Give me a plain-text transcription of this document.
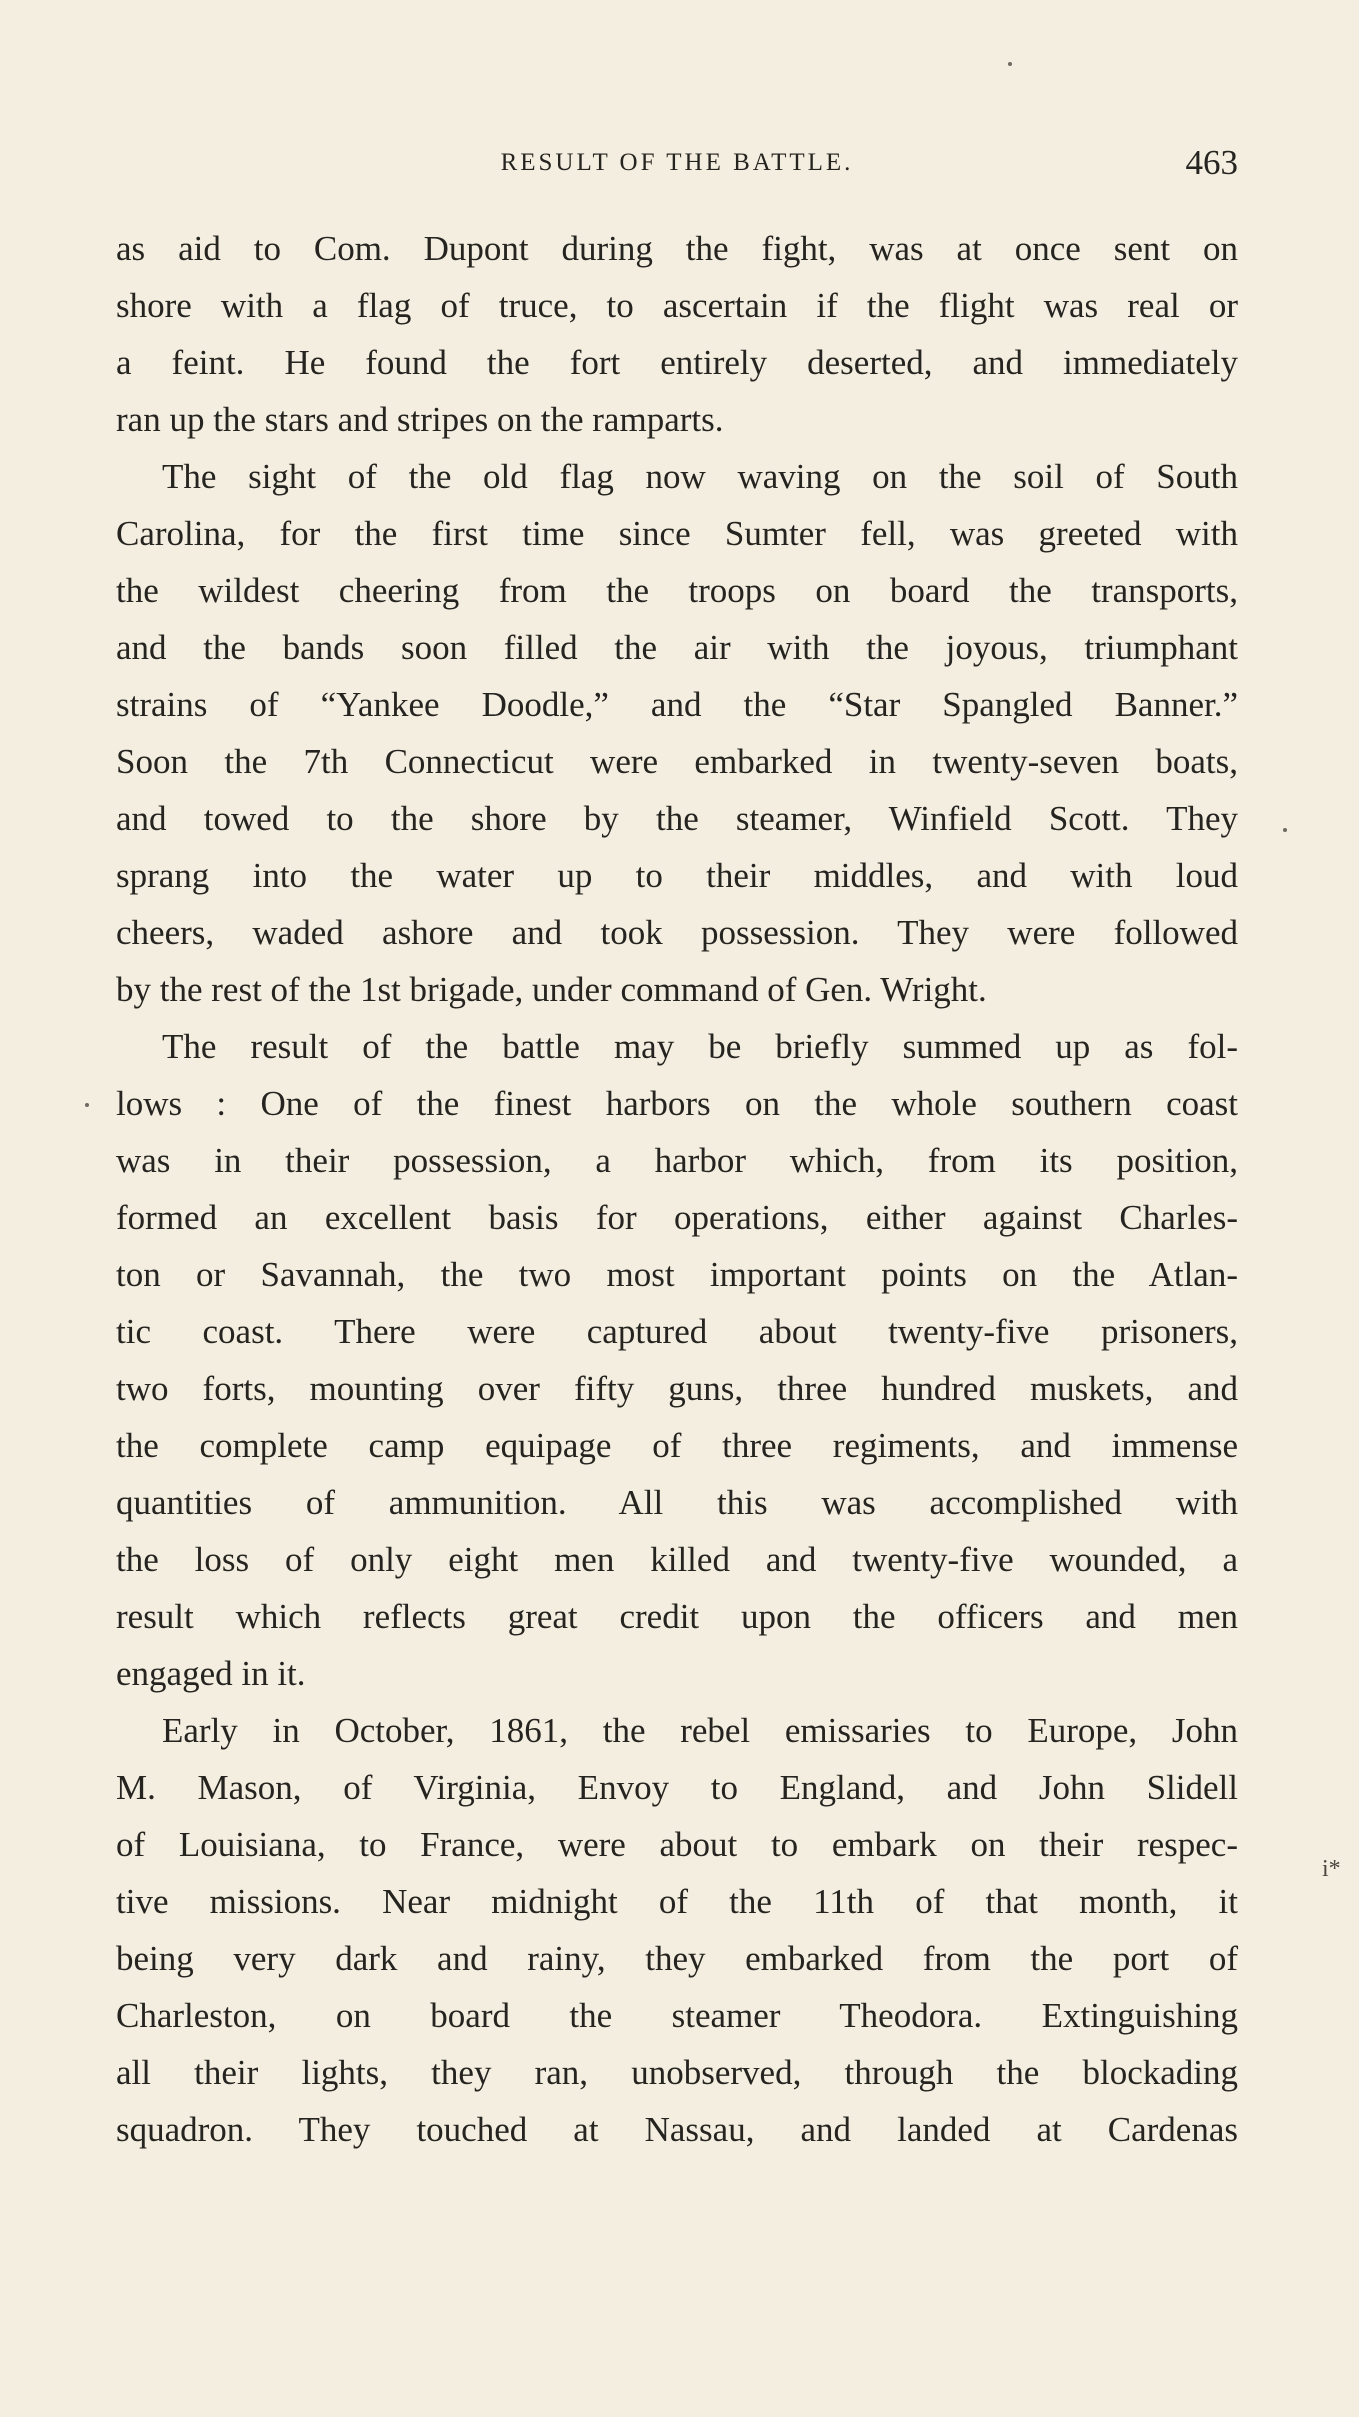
RESULT OF THE BATTLE.	463
as aid to Com. Dupont during the fight, was at once sent on
shore with a flag of truce, to ascertain if the flight was real or
a feint. He found the fort entirely deserted, and immediately
ran up the stars and stripes on the ramparts.
The sight of the old flag now waving on the soil of South
Carolina, for the first time since Sumter fell, was greeted with
the wildest cheering from the troops on board the transports,
and the bands soon filled the air with the joyous, triumphant
strains of “Yankee Doodle,” and the “Star Spangled Banner.”
Soon the 7th Connecticut were embarked in twenty-seven boats,
and towed to the shore by the steamer, Winfield Scott. They
sprang into the water up to their middles, and with loud
cheers, waded ashore and took possession. They were followed
by the rest of the 1st brigade, under command of Gen. Wright.
The result of the battle may be briefly summed up as fol-
lows : One of the finest harbors on the whole southern coast
was in their possession, a harbor which, from its position,
formed an excellent basis for operations, either against Charles-
ton or Savannah, the two most important points on the Atlan-
tic coast. There were captured about twenty-five prisoners,
two forts, mounting over fifty guns, three hundred muskets, and
the complete camp equipage of three regiments, and immense
quantities of ammunition. All this was accomplished with
the loss of only eight men killed and twenty-five wounded, a
result which reflects great credit upon the officers and men
engaged in it.
Early in October, 1861, the rebel emissaries to Europe, John
M. Mason, of Virginia, Envoy to England, and John Slidell
of Louisiana, to France, were about to embark on their respec-
tive missions. Near midnight of the 11th of that month, it
being very dark and rainy, they embarked from the port of
Charleston, on board the steamer Theodora. Extinguishing
all their lights, they ran, unobserved, through the blockading
squadron. They touched at Nassau, and landed at Cardenas
i*
